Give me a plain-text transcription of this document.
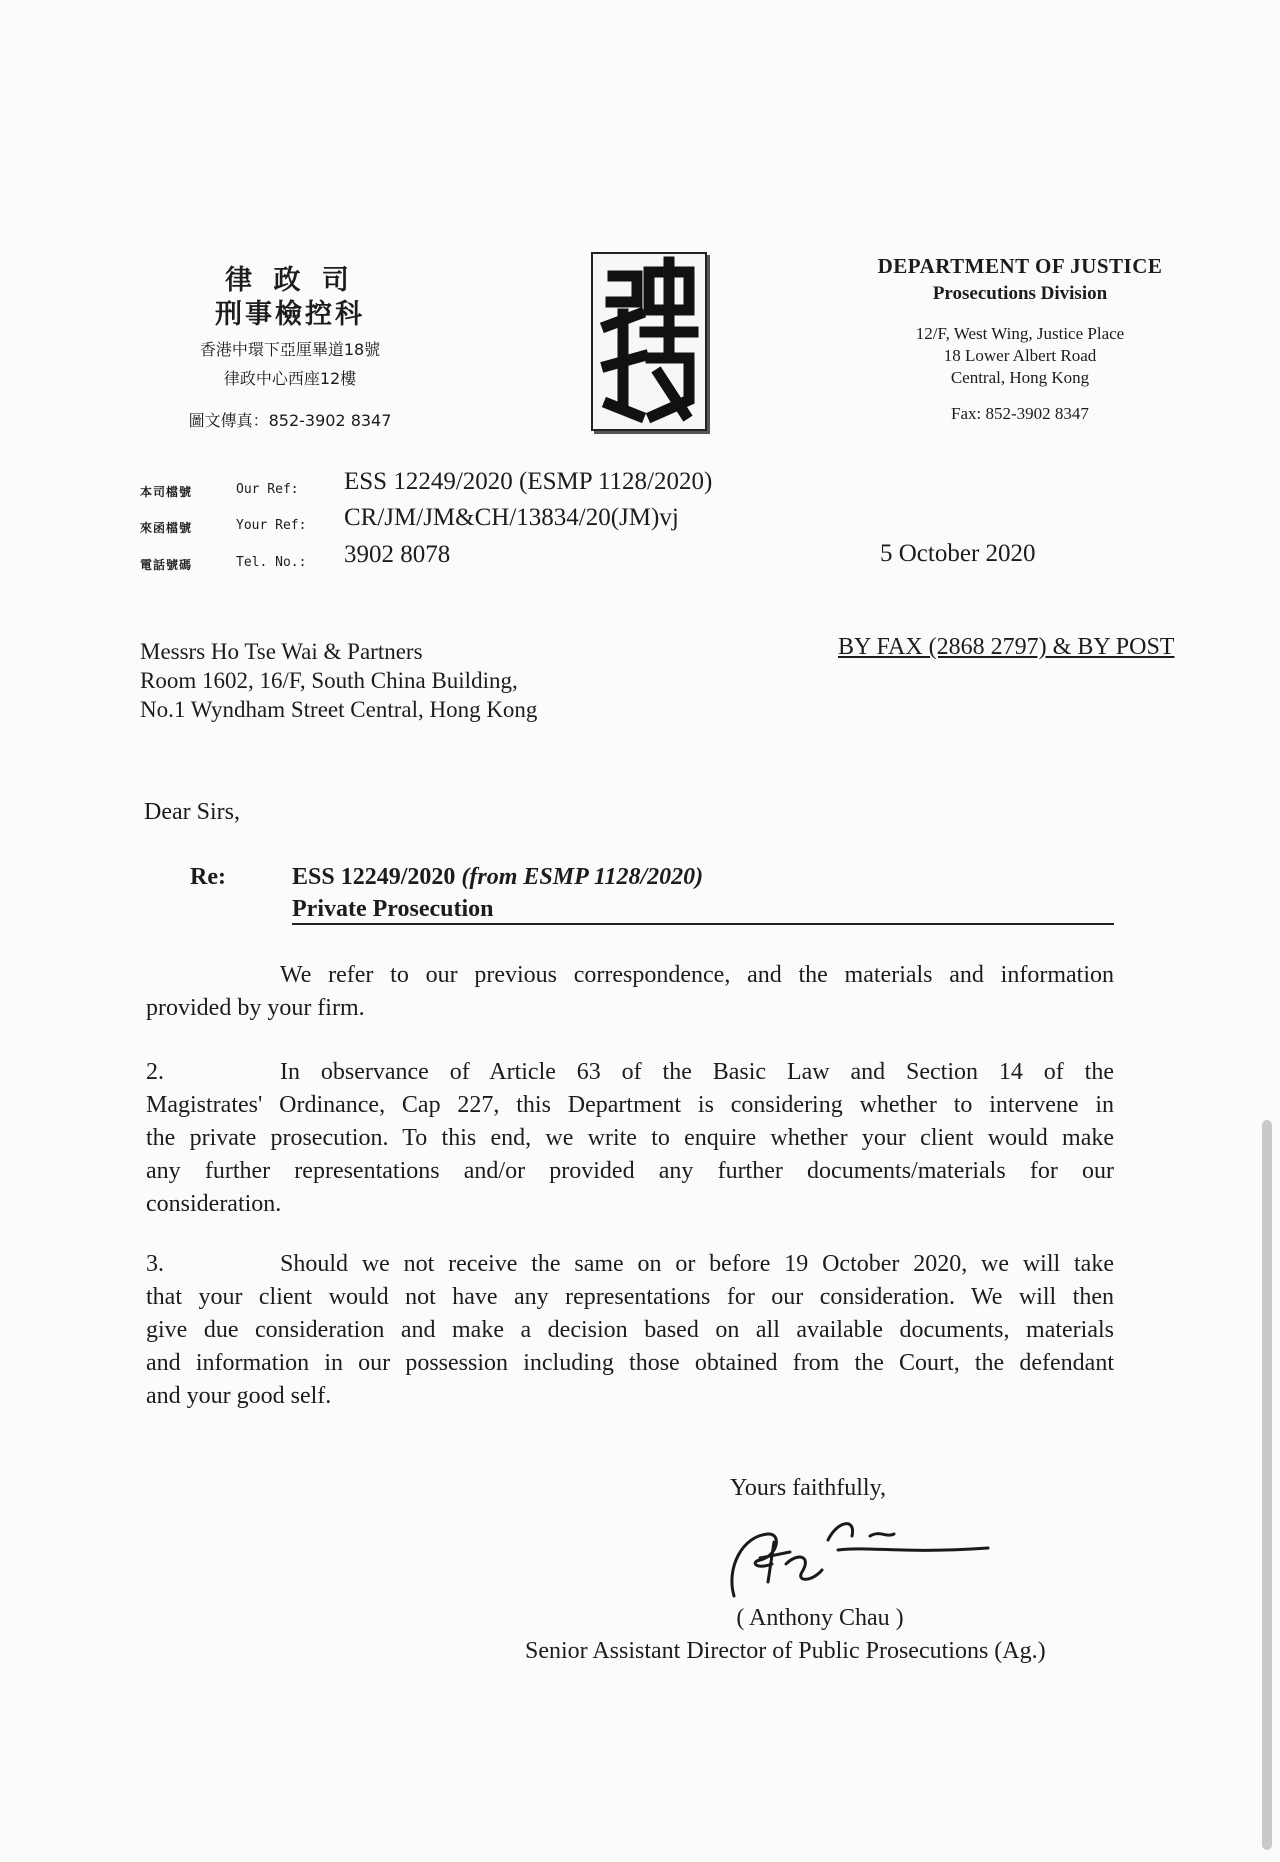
律 政 司
刑事檢控科
香港中環下亞厘畢道18號
律政中心西座12樓
圖文傳真：852-3902 8347
DEPARTMENT OF JUSTICE
Prosecutions Division
12/F, West Wing, Justice Place
18 Lower Albert Road
Central, Hong Kong
Fax: 852-3902 8347
本司檔號	Our Ref: ESS 12249/2020 (ESMP 1128/2020)
來函檔號	Your Ref: CR/JM/JM&CH/13834/20(JM)vj
電話號碼	Tel. No.: 3902 8078	5 October 2020
BY FAX (2868 2797) & BY POST
Messrs Ho Tse Wai & Partners
Room 1602, 16/F, South China Building,
No.1 Wyndham Street Central, Hong Kong
Dear Sirs,
Re:	ESS 12249/2020 (from ESMP 1128/2020)
Private Prosecution
We refer to our previous correspondence, and the materials and information
provided by your firm.
2.	In observance of Article 63 of the Basic Law and Section 14 of the
Magistrates' Ordinance, Cap 227, this Department is considering whether to intervene in
the private prosecution. To this end, we write to enquire whether your client would make
any further representations and/or provided any further documents/materials for our
consideration.
3.	Should we not receive the same on or before 19 October 2020, we will take
that your client would not have any representations for our consideration. We will then
give due consideration and make a decision based on all available documents, materials
and information in our possession including those obtained from the Court, the defendant
and your good self.
Yours faithfully,
( Anthony Chau )
Senior Assistant Director of Public Prosecutions (Ag.)
